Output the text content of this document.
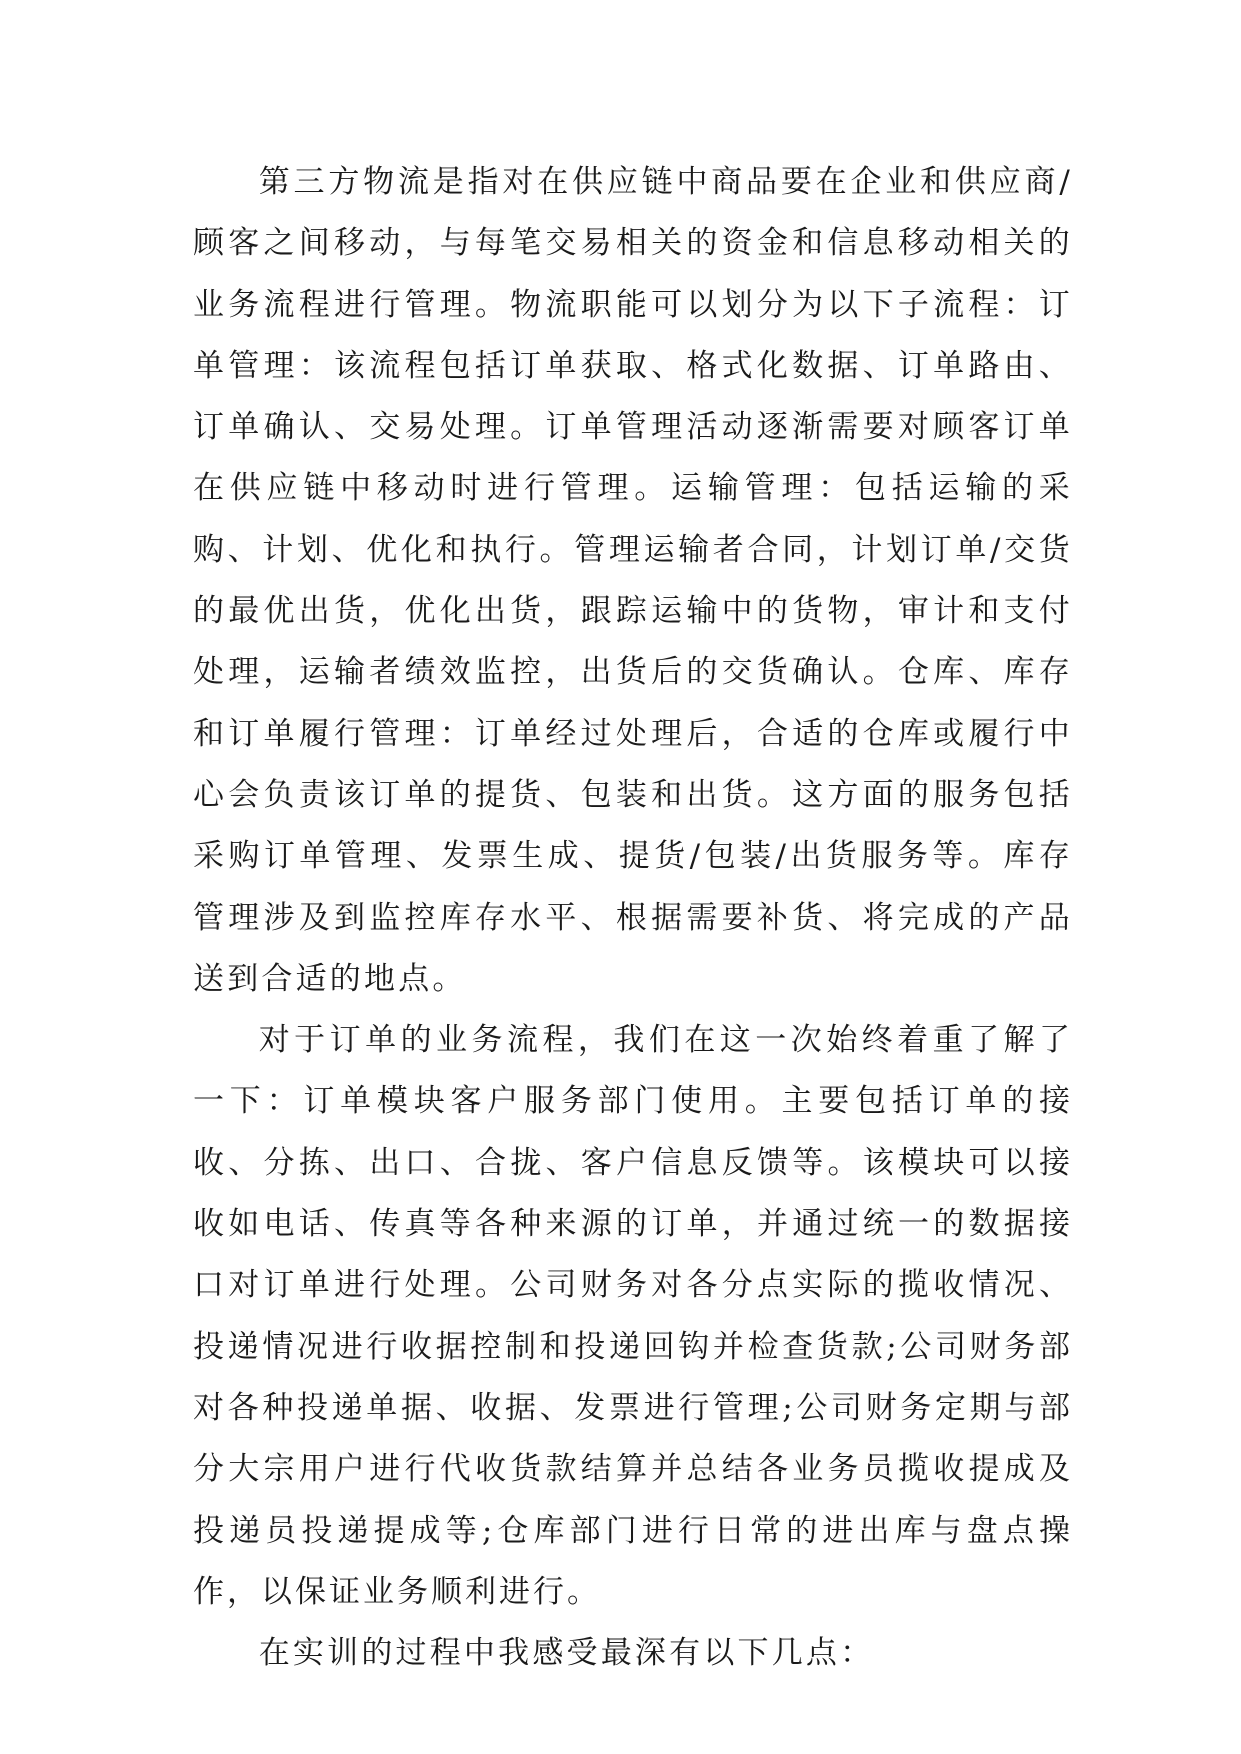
第三方物流是指对在供应链中商品要在企业和供应商/顾客之间移动，与每笔交易相关的资金和信息移动相关的业务流程进行管理。物流职能可以划分为以下子流程：订单管理：该流程包括订单获取、格式化数据、订单路由、订单确认、交易处理。订单管理活动逐渐需要对顾客订单在供应链中移动时进行管理。运输管理：包括运输的采购、计划、优化和执行。管理运输者合同，计划订单/交货的最优出货，优化出货，跟踪运输中的货物，审计和支付处理，运输者绩效监控，出货后的交货确认。仓库、库存和订单履行管理：订单经过处理后，合适的仓库或履行中心会负责该订单的提货、包装和出货。这方面的服务包括采购订单管理、发票生成、提货/包装/出货服务等。库存管理涉及到监控库存水平、根据需要补货、将完成的产品送到合适的地点。

对于订单的业务流程，我们在这一次始终着重了解了一下：订单模块客户服务部门使用。主要包括订单的接收、分拣、出口、合拢、客户信息反馈等。该模块可以接收如电话、传真等各种来源的订单，并通过统一的数据接口对订单进行处理。公司财务对各分点实际的揽收情况、投递情况进行收据控制和投递回钩并检查货款;公司财务部对各种投递单据、收据、发票进行管理;公司财务定期与部分大宗用户进行代收货款结算并总结各业务员揽收提成及投递员投递提成等;仓库部门进行日常的进出库与盘点操作，以保证业务顺利进行。

在实训的过程中我感受最深有以下几点：
